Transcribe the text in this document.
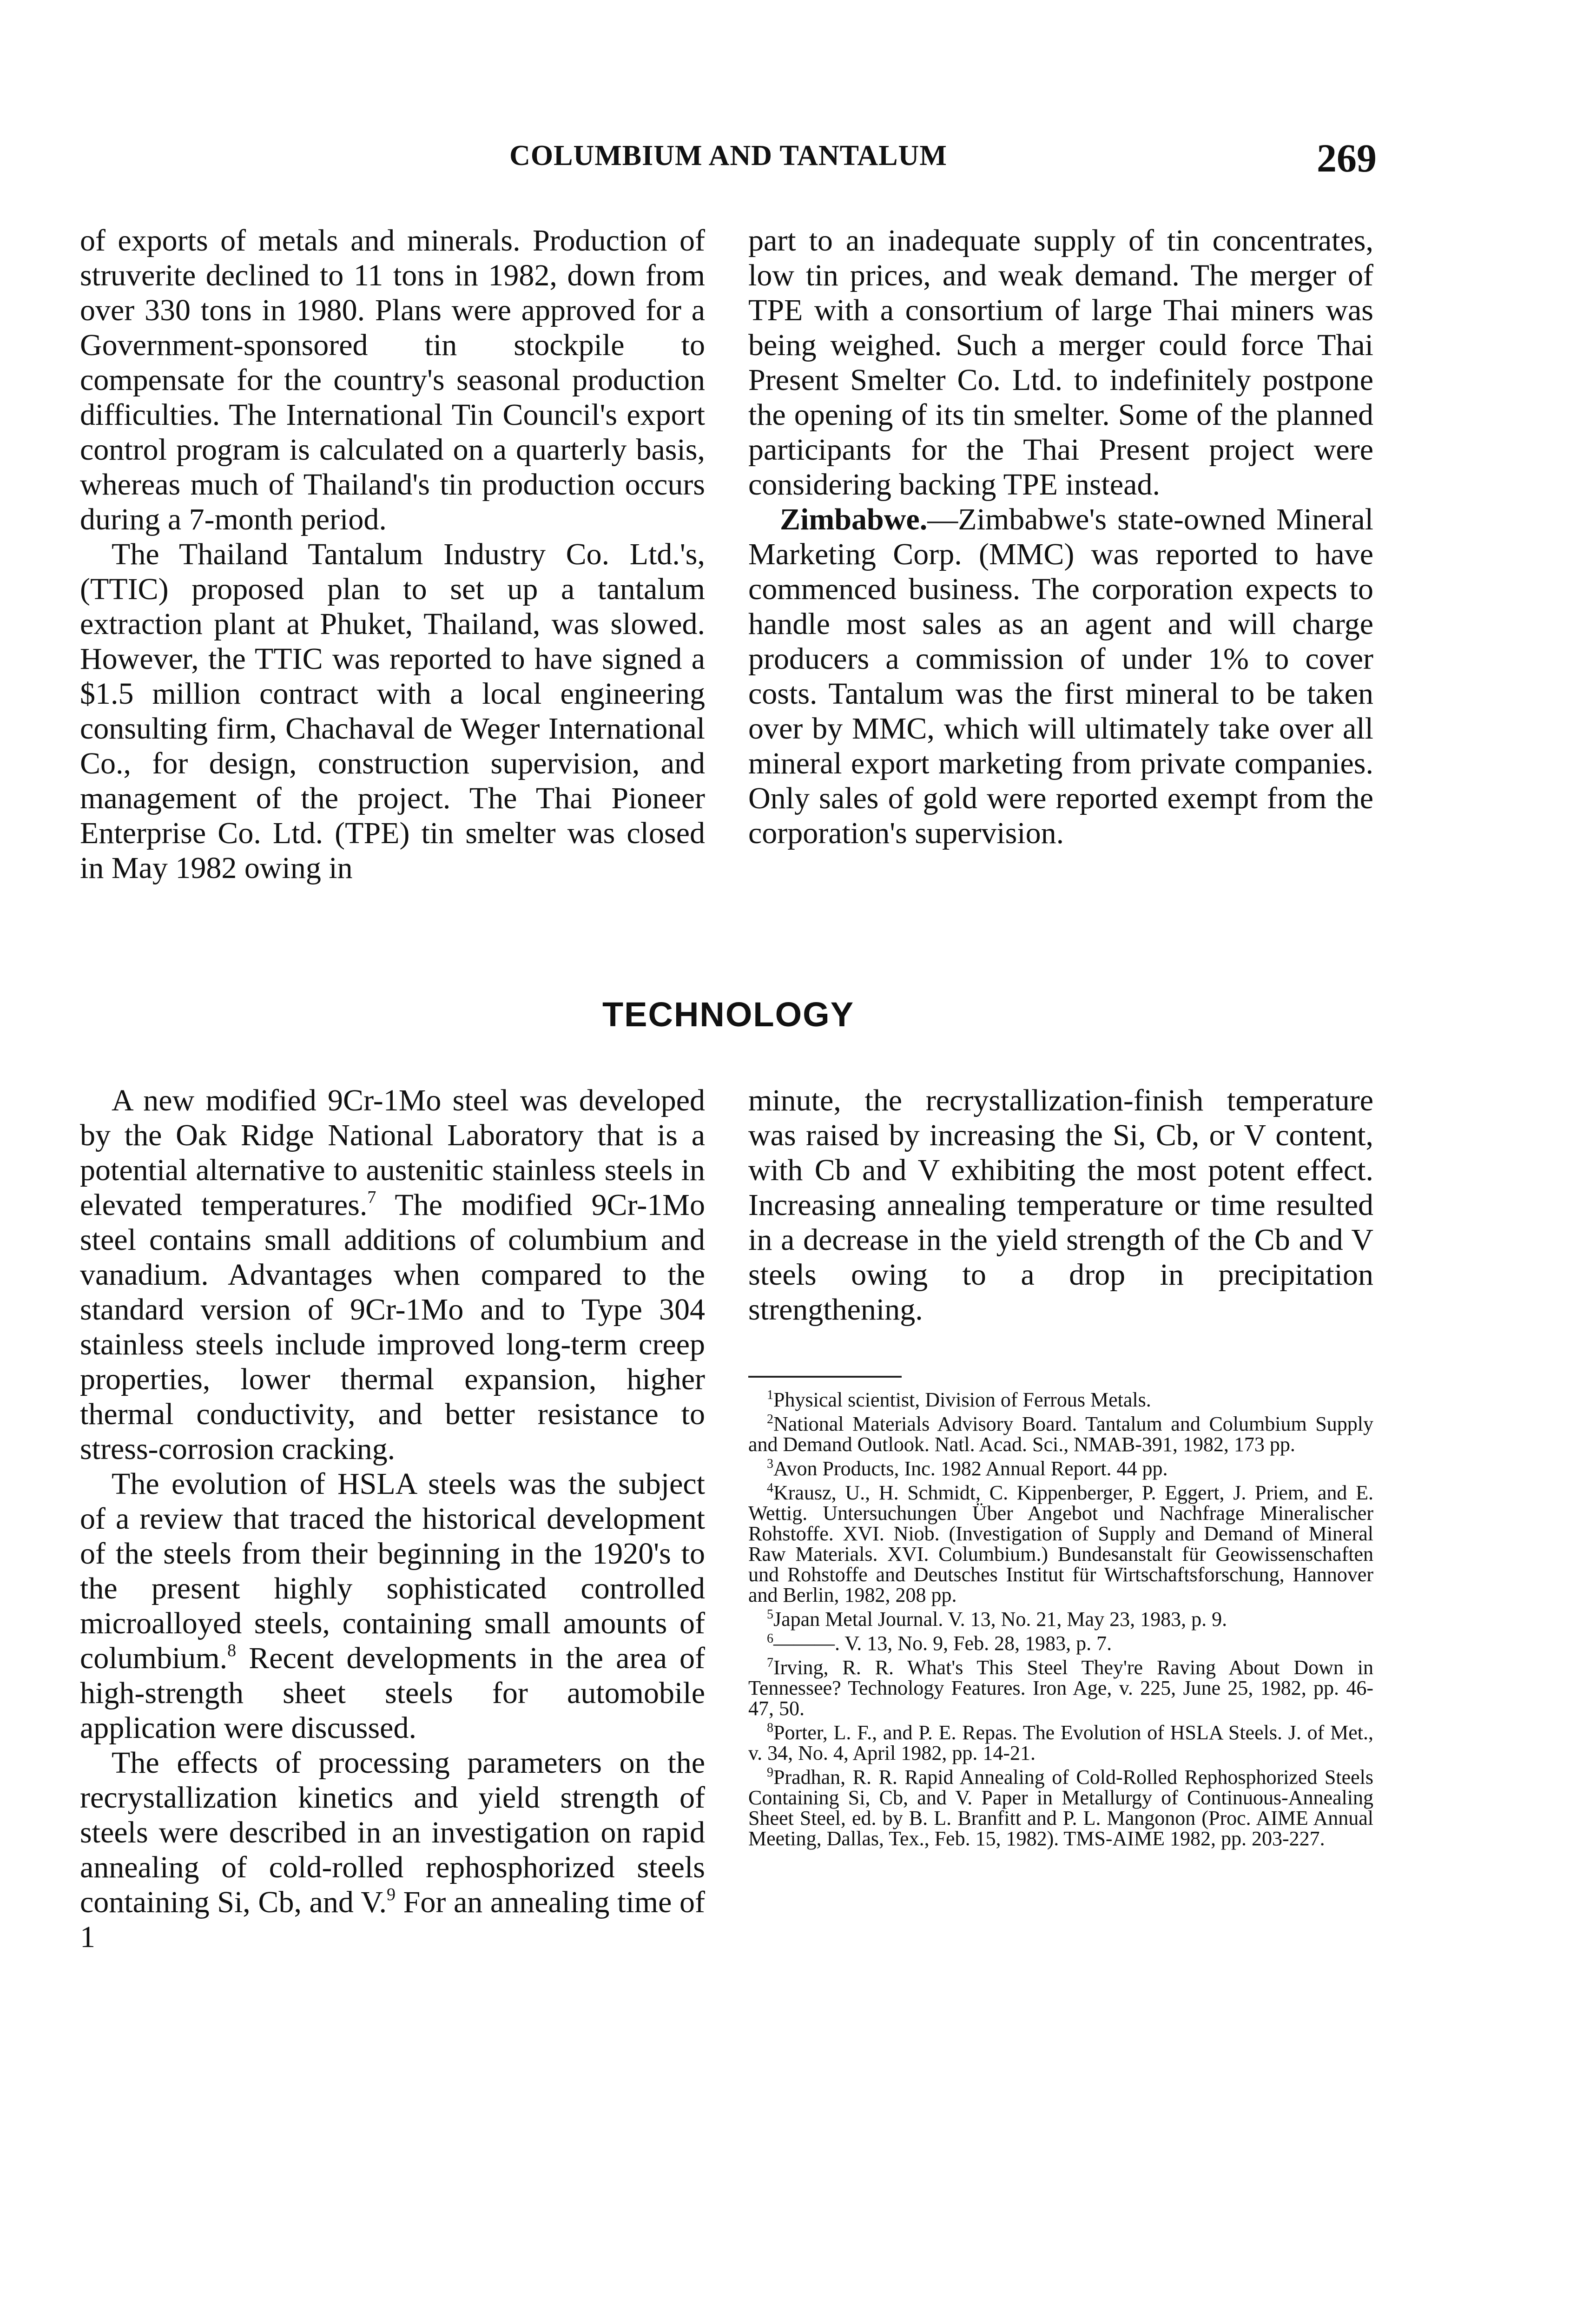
COLUMBIUM AND TANTALUM	269

of exports of metals and minerals. Production of struverite declined to 11 tons in 1982, down from over 330 tons in 1980. Plans were approved for a Government-sponsored tin stockpile to compensate for the country's seasonal production difficulties. The International Tin Council's export control program is calculated on a quarterly basis, whereas much of Thailand's tin production occurs during a 7-month period.

The Thailand Tantalum Industry Co. Ltd.'s, (TTIC) proposed plan to set up a tantalum extraction plant at Phuket, Thailand, was slowed. However, the TTIC was reported to have signed a $1.5 million contract with a local engineering consulting firm, Chachaval de Weger International Co., for design, construction supervision, and management of the project. The Thai Pioneer Enterprise Co. Ltd. (TPE) tin smelter was closed in May 1982 owing in

part to an inadequate supply of tin concentrates, low tin prices, and weak demand. The merger of TPE with a consortium of large Thai miners was being weighed. Such a merger could force Thai Present Smelter Co. Ltd. to indefinitely postpone the opening of its tin smelter. Some of the planned participants for the Thai Present project were considering backing TPE instead.

Zimbabwe.—Zimbabwe's state-owned Mineral Marketing Corp. (MMC) was reported to have commenced business. The corporation expects to handle most sales as an agent and will charge producers a commission of under 1% to cover costs. Tantalum was the first mineral to be taken over by MMC, which will ultimately take over all mineral export marketing from private companies. Only sales of gold were reported exempt from the corporation's supervision.

TECHNOLOGY

A new modified 9Cr-1Mo steel was developed by the Oak Ridge National Laboratory that is a potential alternative to austenitic stainless steels in elevated temperatures.$^7$ The modified 9Cr-1Mo steel contains small additions of columbium and vanadium. Advantages when compared to the standard version of 9Cr-1Mo and to Type 304 stainless steels include improved long-term creep properties, lower thermal expansion, higher thermal conductivity, and better resistance to stress-corrosion cracking.

The evolution of HSLA steels was the subject of a review that traced the historical development of the steels from their beginning in the 1920's to the present highly sophisticated controlled microalloyed steels, containing small amounts of columbium.$^8$ Recent developments in the area of high-strength sheet steels for automobile application were discussed.

The effects of processing parameters on the recrystallization kinetics and yield strength of steels were described in an investigation on rapid annealing of cold-rolled rephosphorized steels containing Si, Cb, and V.$^9$ For an annealing time of 1

minute, the recrystallization-finish temperature was raised by increasing the Si, Cb, or V content, with Cb and V exhibiting the most potent effect. Increasing annealing temperature or time resulted in a decrease in the yield strength of the Cb and V steels owing to a drop in precipitation strengthening.

$^1$Physical scientist, Division of Ferrous Metals.

$^2$National Materials Advisory Board. Tantalum and Columbium Supply and Demand Outlook. Natl. Acad. Sci., NMAB-391, 1982, 173 pp.

$^3$Avon Products, Inc. 1982 Annual Report. 44 pp.

$^4$Krausz, U., H. Schmidt, C. Kippenberger, P. Eggert, J. Priem, and E. Wettig. Untersuchungen Über Angebot und Nachfrage Mineralischer Rohstoffe. XVI. Niob. (Investigation of Supply and Demand of Mineral Raw Materials. XVI. Columbium.) Bundesanstalt für Geowissenschaften und Rohstoffe and Deutsches Institut für Wirtschaftsforschung, Hannover and Berlin, 1982, 208 pp.

$^5$Japan Metal Journal. V. 13, No. 21, May 23, 1983, p. 9.

$^6$———. V. 13, No. 9, Feb. 28, 1983, p. 7.

$^7$Irving, R. R. What's This Steel They're Raving About Down in Tennessee? Technology Features. Iron Age, v. 225, June 25, 1982, pp. 46-47, 50.

$^8$Porter, L. F., and P. E. Repas. The Evolution of HSLA Steels. J. of Met., v. 34, No. 4, April 1982, pp. 14-21.

$^9$Pradhan, R. R. Rapid Annealing of Cold-Rolled Rephosphorized Steels Containing Si, Cb, and V. Paper in Metallurgy of Continuous-Annealing Sheet Steel, ed. by B. L. Branfitt and P. L. Mangonon (Proc. AIME Annual Meeting, Dallas, Tex., Feb. 15, 1982). TMS-AIME 1982, pp. 203-227.
